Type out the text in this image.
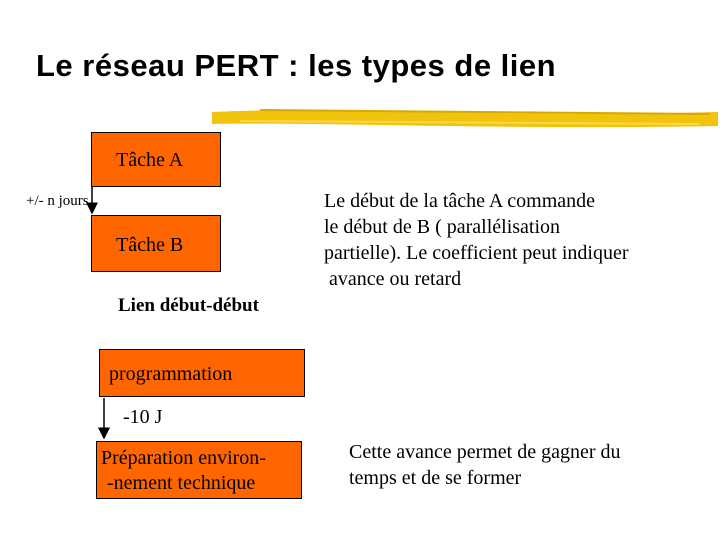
Le réseau PERT : les types de lien
Tâche A
+/- n jours
Tâche B
Lien début-début
Le début de la tâche A commande
le début de B ( parallélisation
partielle). Le coefficient peut indiquer
avance ou retard
programmation
-10 J
Préparation environ-
-nement technique
Cette avance permet de gagner du
temps et de se former
